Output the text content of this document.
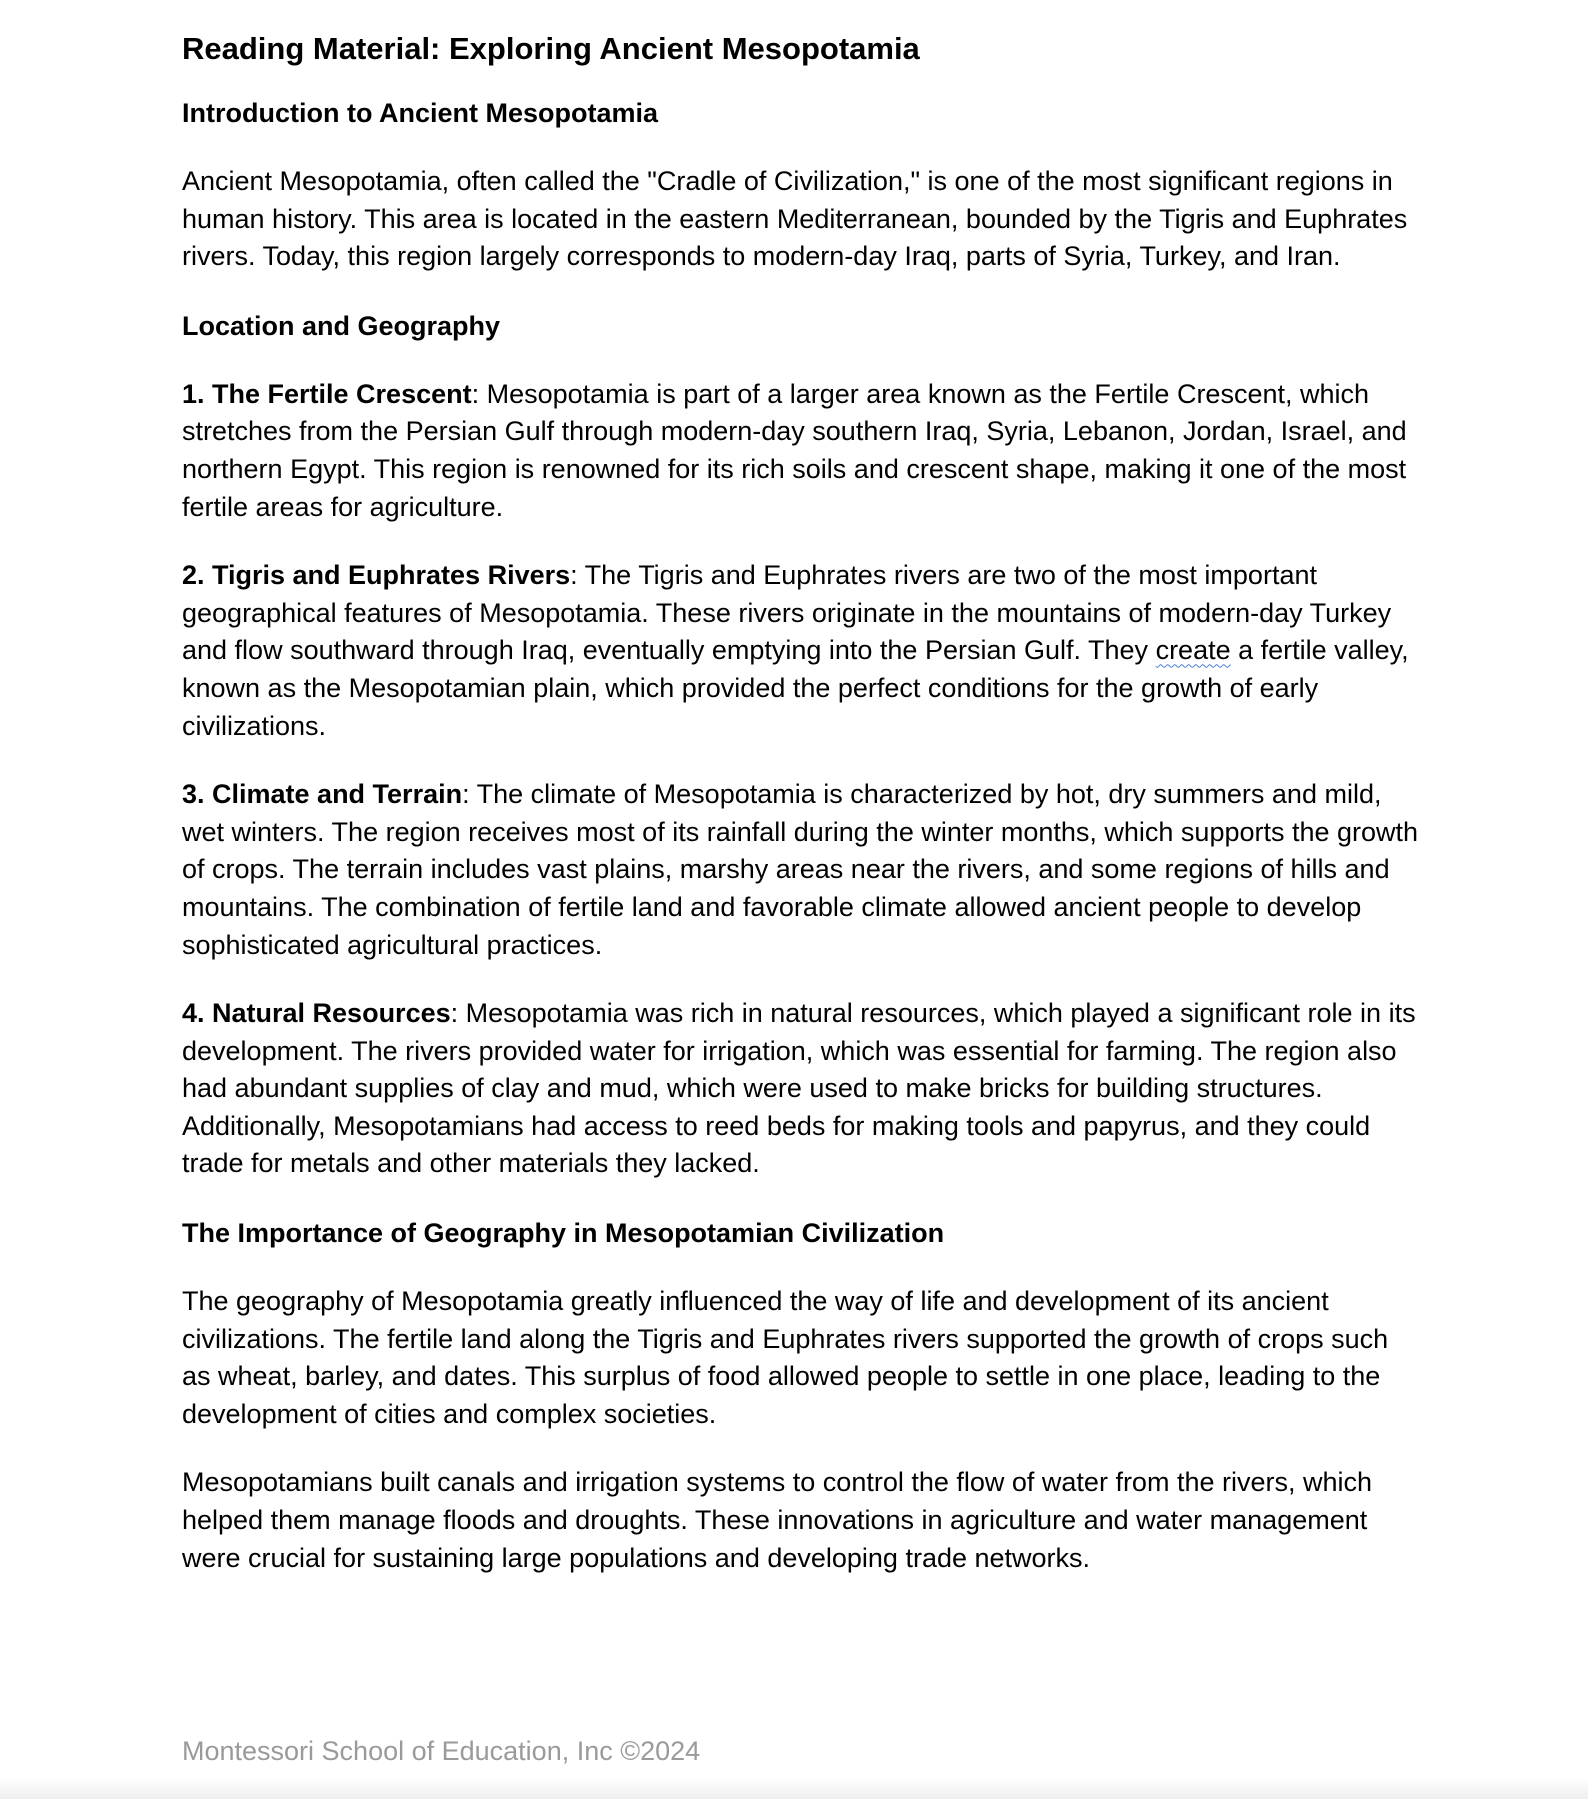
Reading Material: Exploring Ancient Mesopotamia
Introduction to Ancient Mesopotamia

Ancient Mesopotamia, often called the "Cradle of Civilization," is one of the most significant regions in human history. This area is located in the eastern Mediterranean, bounded by the Tigris and Euphrates rivers. Today, this region largely corresponds to modern-day Iraq, parts of Syria, Turkey, and Iran.

Location and Geography

1. The Fertile Crescent: Mesopotamia is part of a larger area known as the Fertile Crescent, which stretches from the Persian Gulf through modern-day southern Iraq, Syria, Lebanon, Jordan, Israel, and northern Egypt. This region is renowned for its rich soils and crescent shape, making it one of the most fertile areas for agriculture.

2. Tigris and Euphrates Rivers: The Tigris and Euphrates rivers are two of the most important geographical features of Mesopotamia. These rivers originate in the mountains of modern-day Turkey and flow southward through Iraq, eventually emptying into the Persian Gulf. They create a fertile valley, known as the Mesopotamian plain, which provided the perfect conditions for the growth of early civilizations.

3. Climate and Terrain: The climate of Mesopotamia is characterized by hot, dry summers and mild, wet winters. The region receives most of its rainfall during the winter months, which supports the growth of crops. The terrain includes vast plains, marshy areas near the rivers, and some regions of hills and mountains. The combination of fertile land and favorable climate allowed ancient people to develop sophisticated agricultural practices.

4. Natural Resources: Mesopotamia was rich in natural resources, which played a significant role in its development. The rivers provided water for irrigation, which was essential for farming. The region also had abundant supplies of clay and mud, which were used to make bricks for building structures. Additionally, Mesopotamians had access to reed beds for making tools and papyrus, and they could trade for metals and other materials they lacked.

The Importance of Geography in Mesopotamian Civilization

The geography of Mesopotamia greatly influenced the way of life and development of its ancient civilizations. The fertile land along the Tigris and Euphrates rivers supported the growth of crops such as wheat, barley, and dates. This surplus of food allowed people to settle in one place, leading to the development of cities and complex societies.

Mesopotamians built canals and irrigation systems to control the flow of water from the rivers, which helped them manage floods and droughts. These innovations in agriculture and water management were crucial for sustaining large populations and developing trade networks.

Montessori School of Education, Inc ©2024
